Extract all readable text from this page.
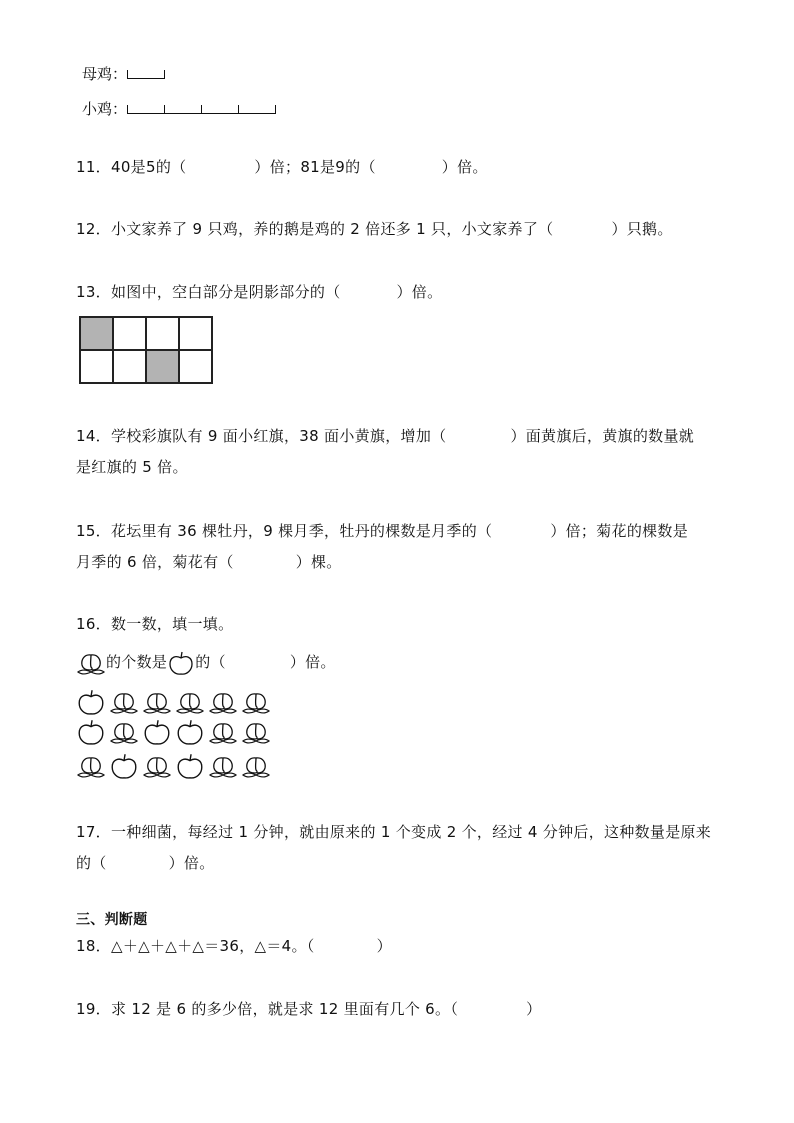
母鸡：
小鸡：
11．40是5的（	）倍；81是9的（	）倍。
12．小文家养了 9 只鸡，养的鹅是鸡的 2 倍还多 1 只，小文家养了（	）只鹅。
13．如图中，空白部分是阴影部分的（	）倍。

14．学校彩旗队有 9 面小红旗，38 面小黄旗，增加（	）面黄旗后，黄旗的数量就
是红旗的 5 倍。
15．花坛里有 36 棵牡丹，9 棵月季，牡丹的棵数是月季的（	）倍；菊花的棵数是
月季的 6 倍，菊花有（	）棵。
16．数一数，填一填。
的个数是 的（	）倍。
17．一种细菌，每经过 1 分钟，就由原来的 1 个变成 2 个，经过 4 分钟后，这种数量是原来
的（	）倍。
三、判断题
18．△＋△＋△＋△＝36，△＝4。（	）
19．求 12 是 6 的多少倍，就是求 12 里面有几个 6。（	）
